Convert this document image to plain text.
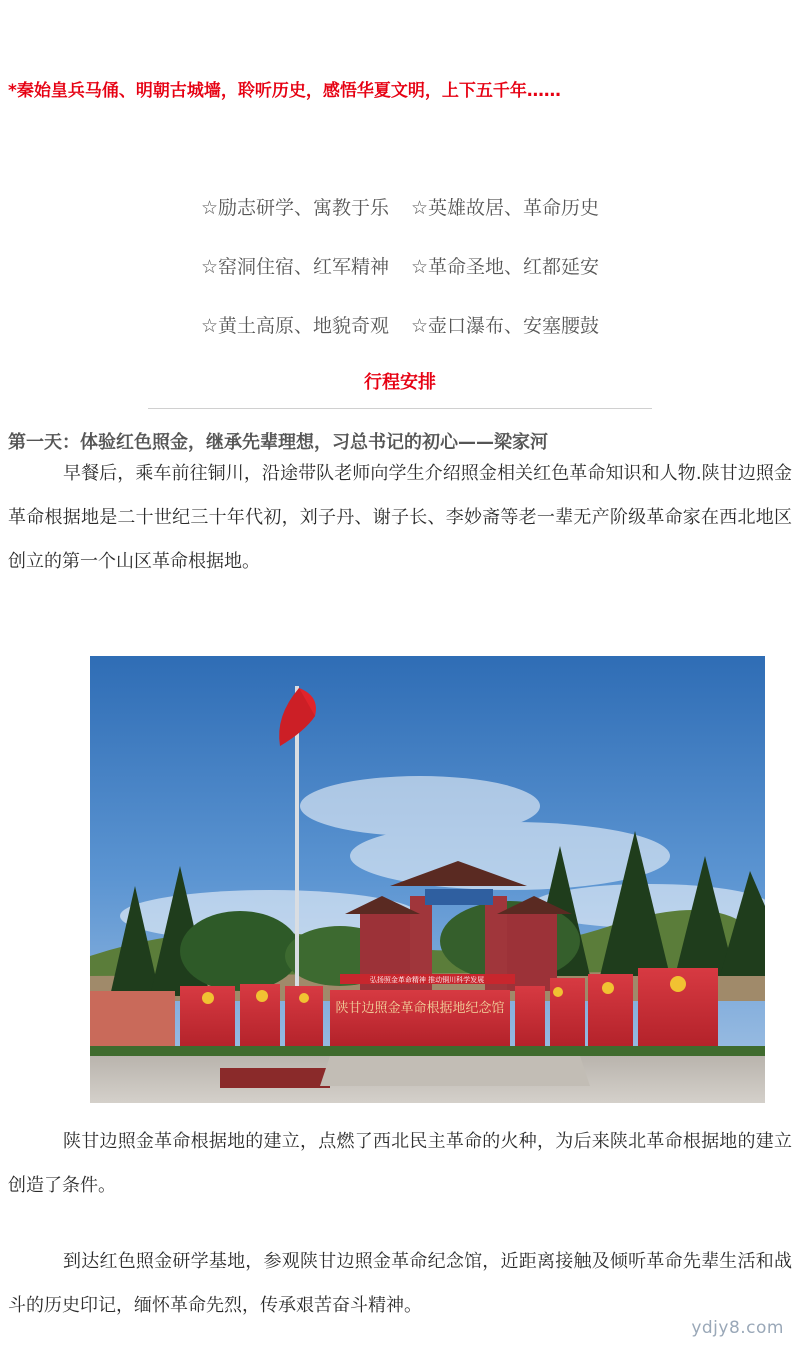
*秦始皇兵马俑、明朝古城墙，聆听历史，感悟华夏文明，上下五千年……
☆励志研学、寓教于乐 ☆英雄故居、革命历史
☆窑洞住宿、红军精神 ☆革命圣地、红都延安
☆黄土高原、地貌奇观 ☆壶口瀑布、安塞腰鼓
行程安排
第一天：体验红色照金，继承先辈理想，习总书记的初心——梁家河
早餐后，乘车前往铜川，沿途带队老师向学生介绍照金相关红色革命知识和人物.陕甘边照金革命根据地是二十世纪三十年代初，刘子丹、谢子长、李妙斋等老一辈无产阶级革命家在西北地区创立的第一个山区革命根据地。
陕甘边照金革命根据地纪念馆
弘扬照金革命精神 推动铜川科学发展
陕甘边照金革命根据地的建立，点燃了西北民主革命的火种，为后来陕北革命根据地的建立创造了条件。
到达红色照金研学基地，参观陕甘边照金革命纪念馆，近距离接触及倾听革命先辈生活和战斗的历史印记，缅怀革命先烈，传承艰苦奋斗精神。
ydjy8.com
